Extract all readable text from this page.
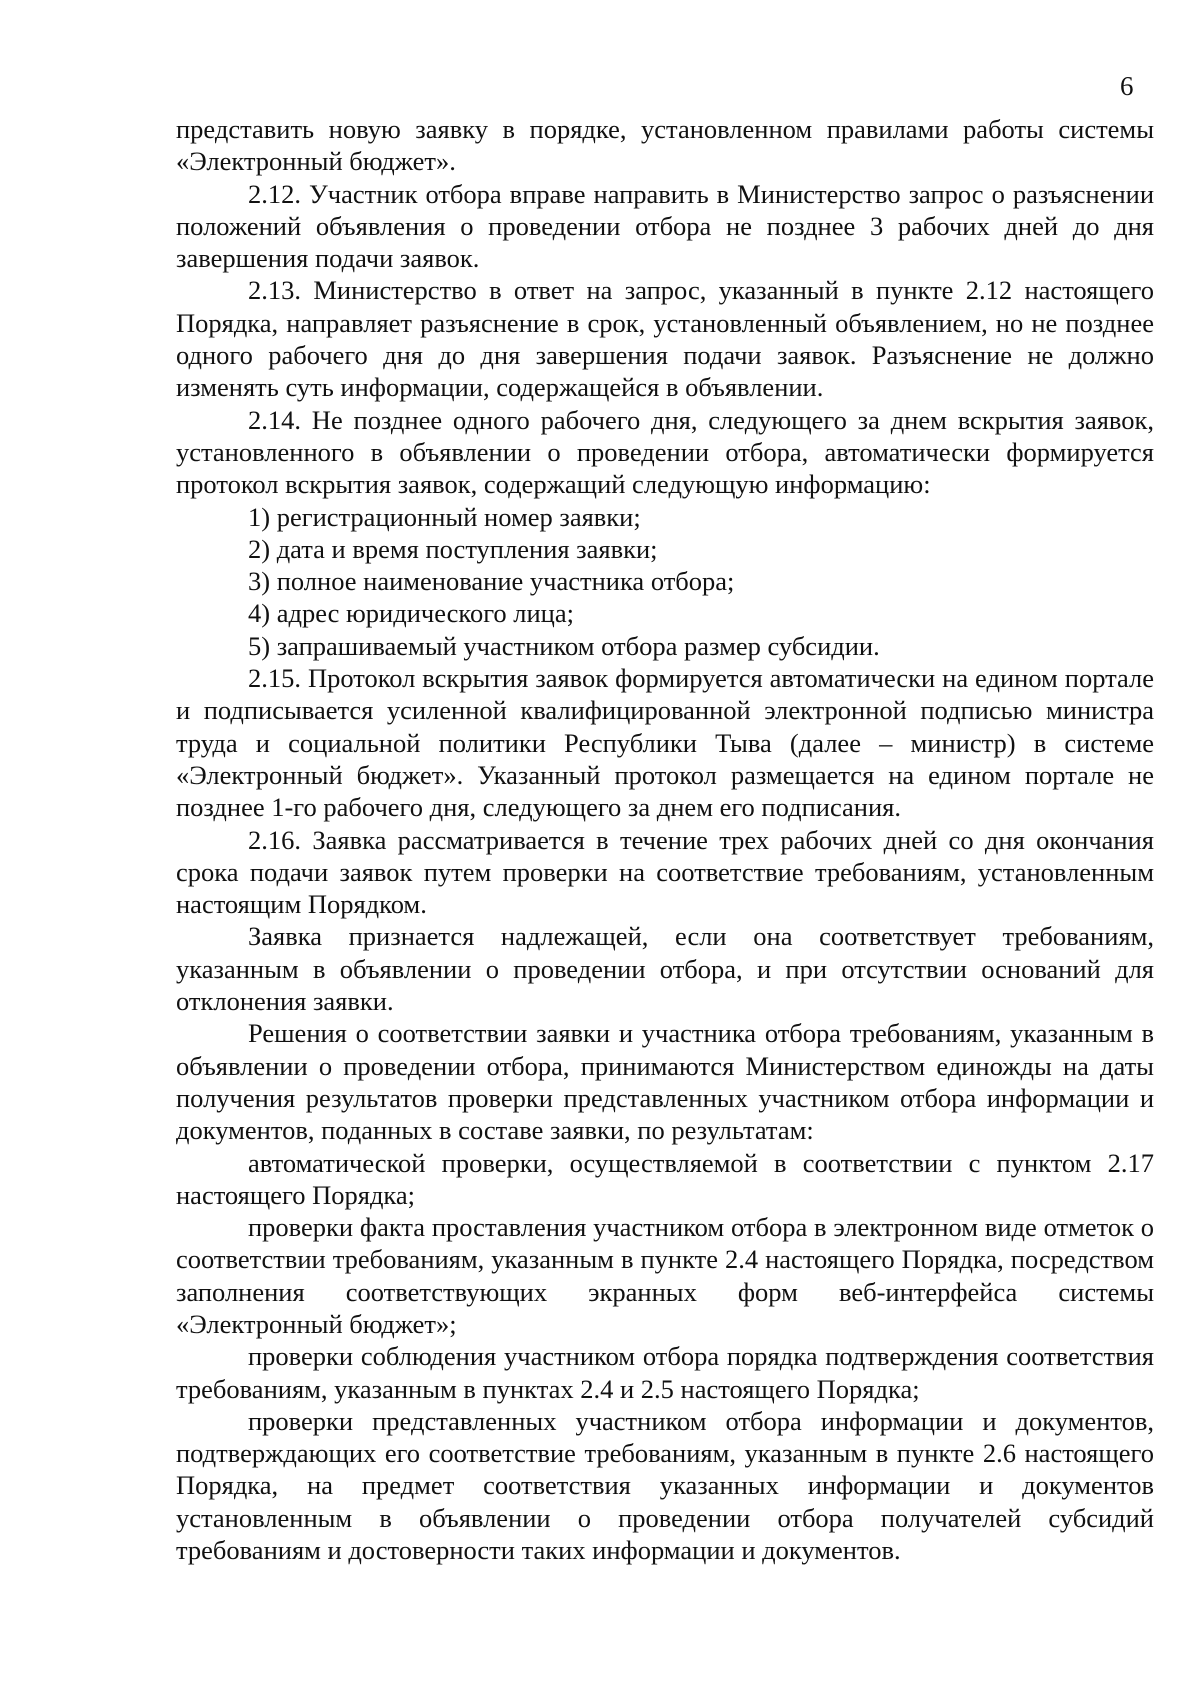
6

представить новую заявку в порядке, установленном правилами работы системы «Электронный бюджет».

2.12. Участник отбора вправе направить в Министерство запрос о разъяснении положений объявления о проведении отбора не позднее 3 рабочих дней до дня завершения подачи заявок.

2.13. Министерство в ответ на запрос, указанный в пункте 2.12 настоящего Порядка, направляет разъяснение в срок, установленный объявлением, но не позднее одного рабочего дня до дня завершения подачи заявок. Разъяснение не должно изменять суть информации, содержащейся в объявлении.

2.14. Не позднее одного рабочего дня, следующего за днем вскрытия заявок, установленного в объявлении о проведении отбора, автоматически формируется протокол вскрытия заявок, содержащий следующую информацию:

1) регистрационный номер заявки;

2) дата и время поступления заявки;

3) полное наименование участника отбора;

4) адрес юридического лица;

5) запрашиваемый участником отбора размер субсидии.

2.15. Протокол вскрытия заявок формируется автоматически на едином портале и подписывается усиленной квалифицированной электронной подписью министра труда и социальной политики Республики Тыва (далее – министр) в системе «Электронный бюджет». Указанный протокол размещается на едином портале не позднее 1-го рабочего дня, следующего за днем его подписания.

2.16. Заявка рассматривается в течение трех рабочих дней со дня окончания срока подачи заявок путем проверки на соответствие требованиям, установленным настоящим Порядком.

Заявка признается надлежащей, если она соответствует требованиям, указанным в объявлении о проведении отбора, и при отсутствии оснований для отклонения заявки.

Решения о соответствии заявки и участника отбора требованиям, указанным в объявлении о проведении отбора, принимаются Министерством единожды на даты получения результатов проверки представленных участником отбора информации и документов, поданных в составе заявки, по результатам:

автоматической проверки, осуществляемой в соответствии с пунктом 2.17 настоящего Порядка;

проверки факта проставления участником отбора в электронном виде отметок о соответствии требованиям, указанным в пункте 2.4 настоящего Порядка, посредством заполнения соответствующих экранных форм веб-интерфейса системы «Электронный бюджет»;

проверки соблюдения участником отбора порядка подтверждения соответствия требованиям, указанным в пунктах 2.4 и 2.5 настоящего Порядка;

проверки представленных участником отбора информации и документов, подтверждающих его соответствие требованиям, указанным в пункте 2.6 настоящего Порядка, на предмет соответствия указанных информации и документов установленным в объявлении о проведении отбора получателей субсидий требованиям и достоверности таких информации и документов.
